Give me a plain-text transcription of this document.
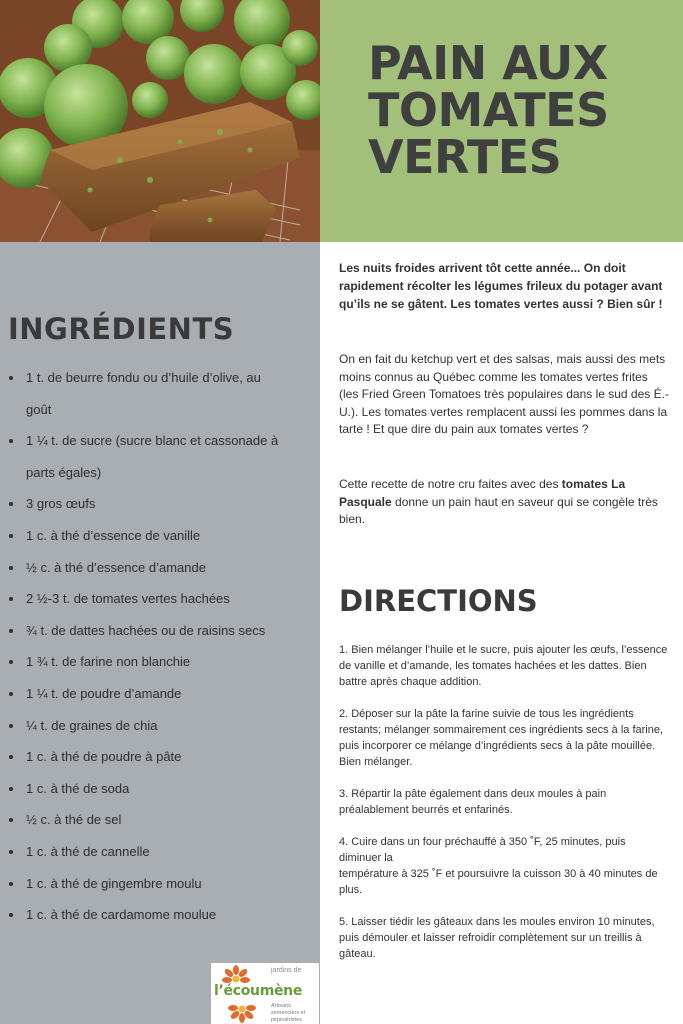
PAIN AUX
TOMATES
VERTES
INGRÉDIENTS
1 t. de beurre fondu ou d’huile d’olive, au
goût
1 ¼ t. de sucre (sucre blanc et cassonade à
parts égales)
3 gros œufs
1 c. à thé d’essence de vanille
½ c. à thé d’essence d’amande
2 ½-3 t. de tomates vertes hachées
¾ t. de dattes hachées ou de raisins secs
1 ¾ t. de farine non blanchie
1 ¼ t. de poudre d’amande
¼ t. de graines de chia
1 c. à thé de poudre à pâte
1 c. à thé de soda
½ c. à thé de sel
1 c. à thé de cannelle
1 c. à thé de gingembre moulu
1 c. à thé de cardamome moulue

Les nuits froides arrivent tôt cette année... On doit rapidement récolter les légumes frileux du potager avant qu’ils ne se gâtent. Les tomates vertes aussi ? Bien sûr !

On en fait du ketchup vert et des salsas, mais aussi des mets moins connus au Québec comme les tomates vertes frites (les Fried Green Tomatoes très populaires dans le sud des É.-U.). Les tomates vertes remplacent aussi les pommes dans la tarte ! Et que dire du pain aux tomates vertes ?

Cette recette de notre cru faites avec des tomates La Pasquale donne un pain haut en saveur qui se congèle très bien.

DIRECTIONS

1. Bien mélanger l’huile et le sucre, puis ajouter les œufs, l’essence de vanille et d’amande, les tomates hachées et les dattes. Bien battre après chaque addition.

2. Déposer sur la pâte la farine suivie de tous les ingrédients restants; mélanger sommairement ces ingrédients secs à la farine, puis incorporer ce mélange d’ingrédients secs à la pâte mouillée. Bien mélanger.

3. Répartir la pâte également dans deux moules à pain préalablement beurrés et enfarinés.

4. Cuire dans un four préchauffé à 350 ˚F, 25 minutes, puis diminuer la
température à 325 ˚F et poursuivre la cuisson 30 à 40 minutes de plus.

5. Laisser tiédir les gâteaux dans les moules environ 10 minutes, puis démouler et laisser refroidir complètement sur un treillis à gâteau.

jardins de
l’écoumène
Artisans semenciers et pépiniéristes
